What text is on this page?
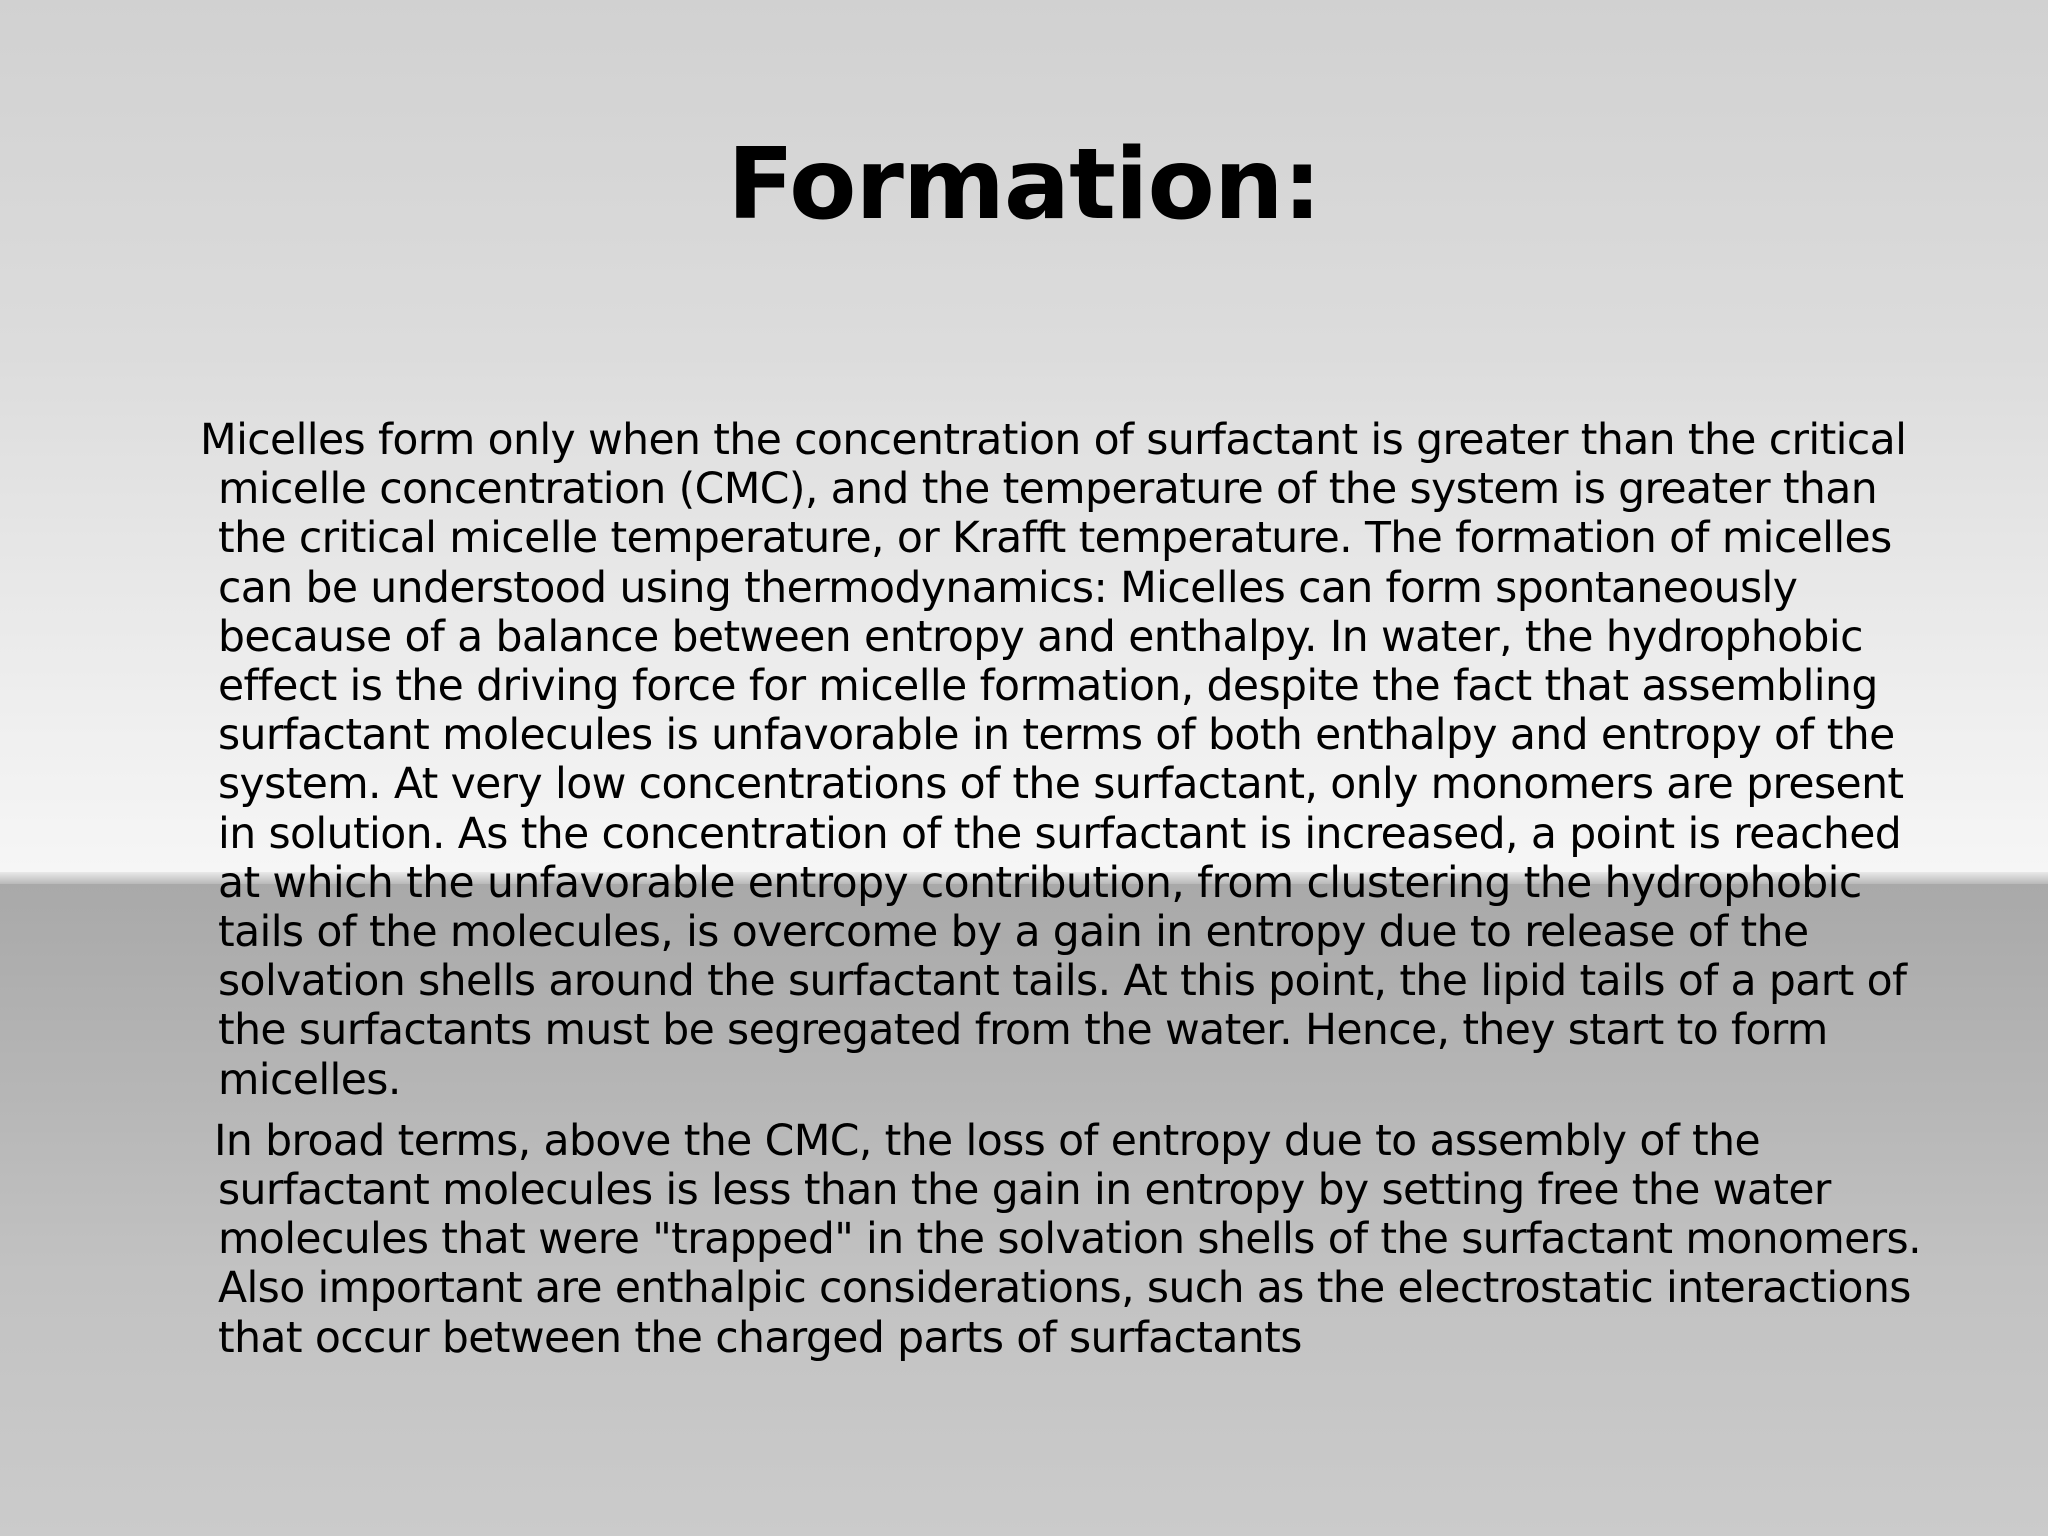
Formation:

Micelles form only when the concentration of surfactant is greater than the critical micelle concentration (CMC), and the temperature of the system is greater than the critical micelle temperature, or Krafft temperature. The formation of micelles can be understood using thermodynamics: Micelles can form spontaneously because of a balance between entropy and enthalpy. In water, the hydrophobic effect is the driving force for micelle formation, despite the fact that assembling surfactant molecules is unfavorable in terms of both enthalpy and entropy of the system. At very low concentrations of the surfactant, only monomers are present in solution. As the concentration of the surfactant is increased, a point is reached at which the unfavorable entropy contribution, from clustering the hydrophobic tails of the molecules, is overcome by a gain in entropy due to release of the solvation shells around the surfactant tails. At this point, the lipid tails of a part of the surfactants must be segregated from the water. Hence, they start to form micelles.

In broad terms, above the CMC, the loss of entropy due to assembly of the surfactant molecules is less than the gain in entropy by setting free the water molecules that were "trapped" in the solvation shells of the surfactant monomers. Also important are enthalpic considerations, such as the electrostatic interactions that occur between the charged parts of surfactants
